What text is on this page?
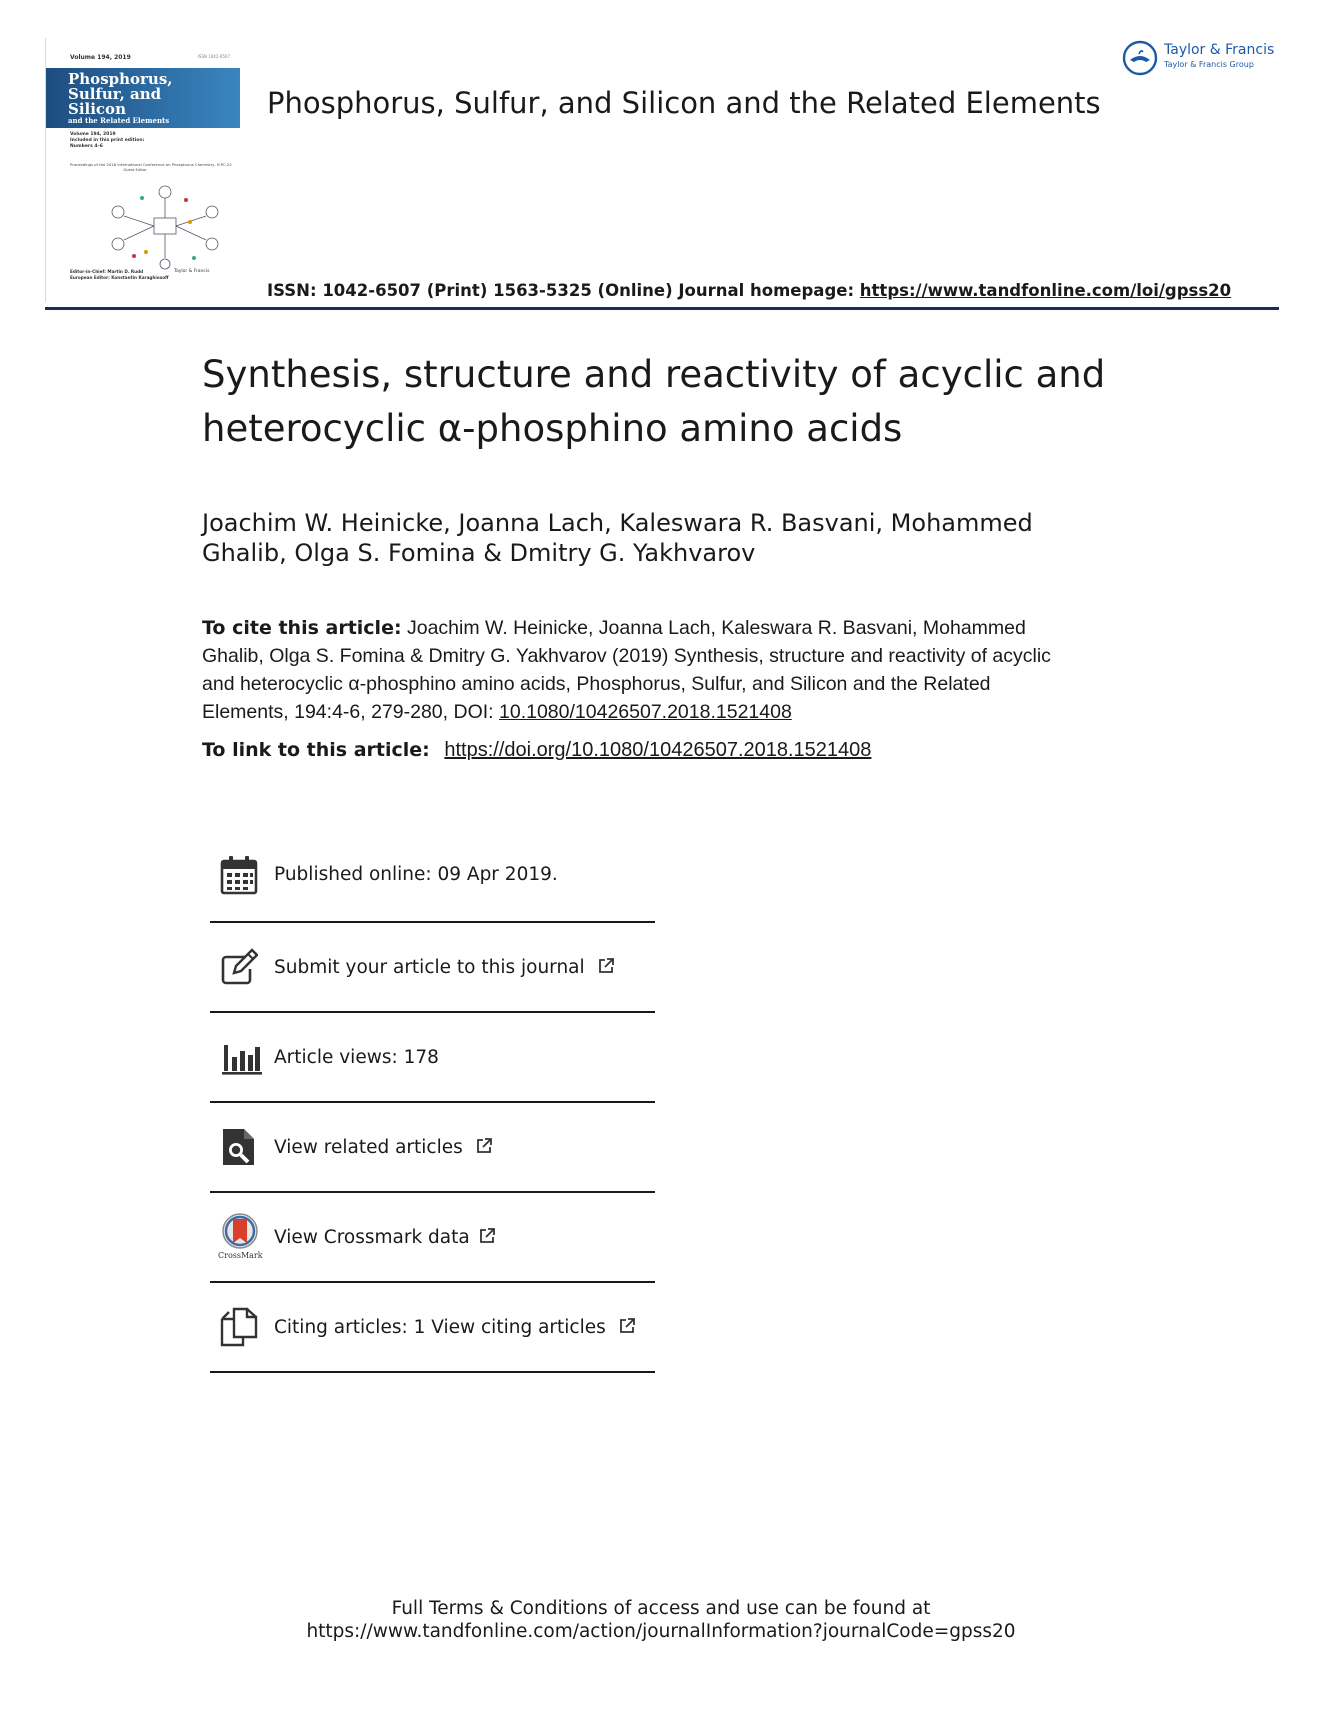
Volume 194, 2019	ISSN 1042-6507
Phosphorus,
Sulfur, and
Silicon
and the Related Elements
Volume 194, 2019
Included in this print edition:
Numbers 4–6
Proceedings of the 2018 International Conference on Phosphorus Chemistry, ICPC-22
Guest Editor
Editor-in-Chief: Martin D. Rudd
European Editor: Konstantin Karaghiosoff
Taylor & Francis
Phosphorus, Sulfur, and Silicon and the Related Elements
Taylor & Francis
Taylor & Francis Group
ISSN: 1042-6507 (Print) 1563-5325 (Online) Journal homepage: https://www.tandfonline.com/loi/gpss20
Synthesis, structure and reactivity of acyclic and
heterocyclic α-phosphino amino acids
Joachim W. Heinicke, Joanna Lach, Kaleswara R. Basvani, Mohammed
Ghalib, Olga S. Fomina & Dmitry G. Yakhvarov
To cite this article: Joachim W. Heinicke, Joanna Lach, Kaleswara R. Basvani, Mohammed
Ghalib, Olga S. Fomina & Dmitry G. Yakhvarov (2019) Synthesis, structure and reactivity of acyclic
and heterocyclic α-phosphino amino acids, Phosphorus, Sulfur, and Silicon and the Related
Elements, 194:4-6, 279-280, DOI: 10.1080/10426507.2018.1521408
To link to this article: https://doi.org/10.1080/10426507.2018.1521408
Published online: 09 Apr 2019.
Submit your article to this journal
Article views: 178
View related articles
CrossMark
View Crossmark data
Citing articles: 1 View citing articles
Full Terms & Conditions of access and use can be found at
https://www.tandfonline.com/action/journalInformation?journalCode=gpss20
